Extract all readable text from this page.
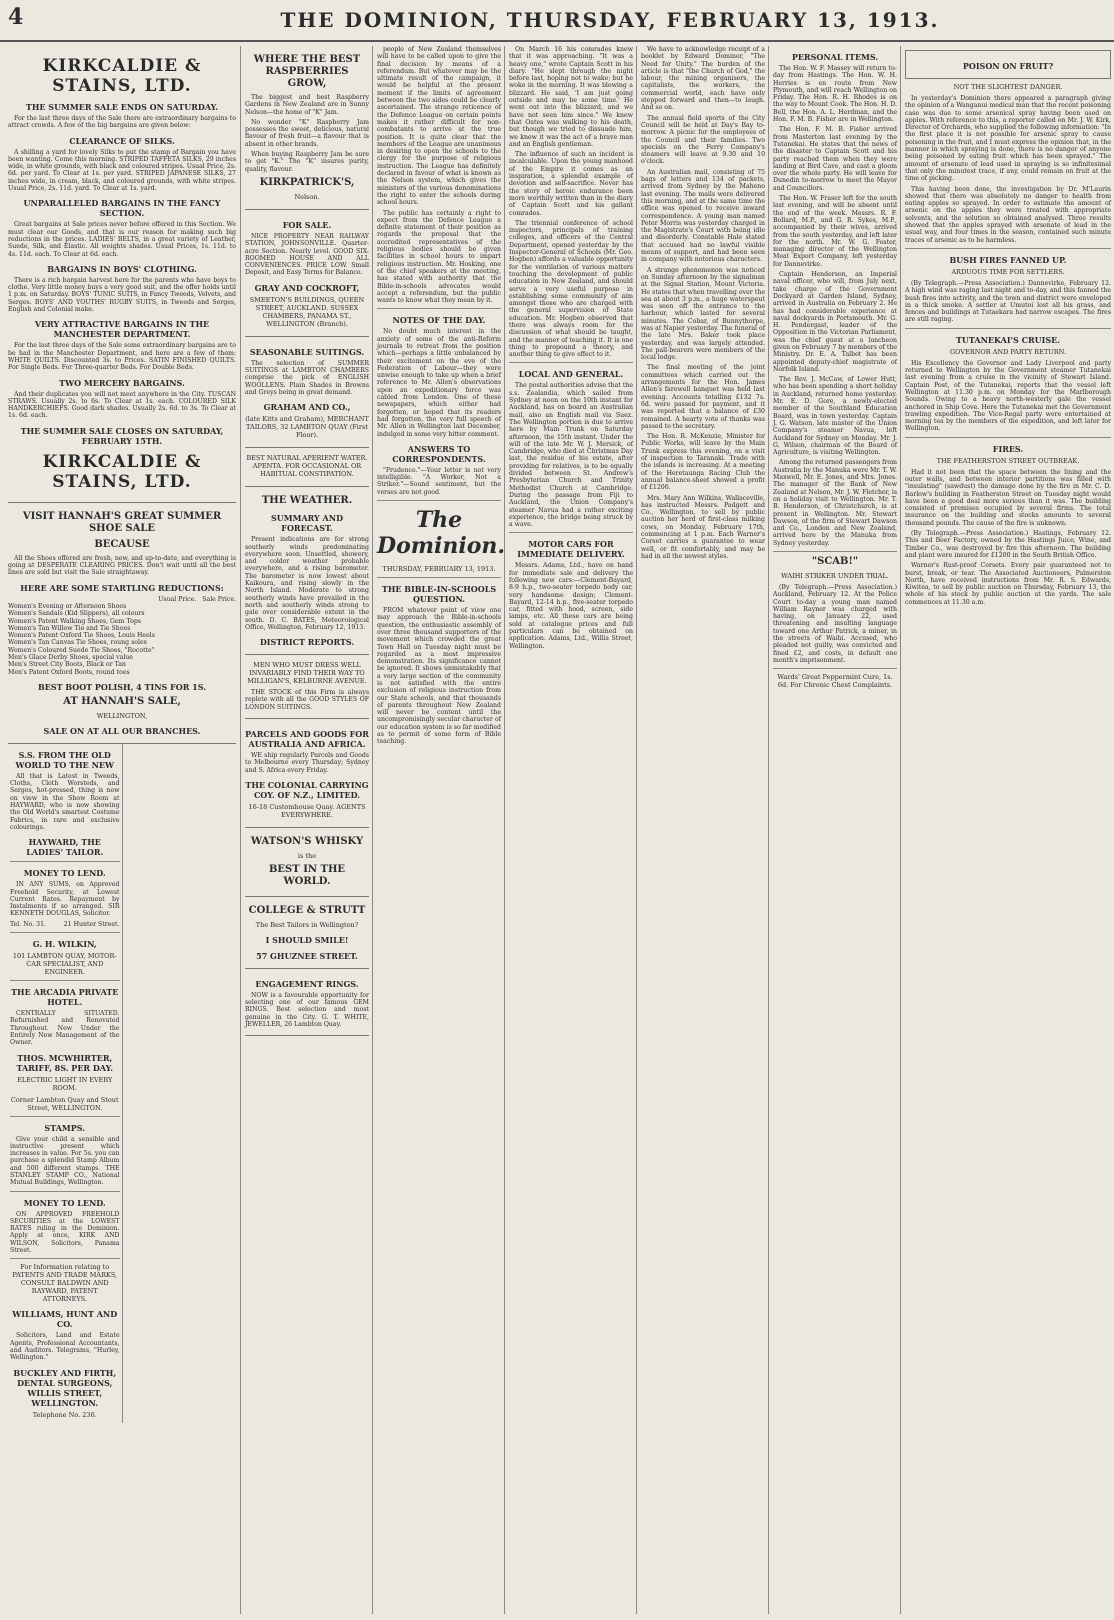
4	THE DOMINION, THURSDAY, FEBRUARY 13, 1913.
KIRKCALDIE & STAINS, LTD.
THE SUMMER SALE ENDS ON SATURDAY.

For the last three days of the Sale there are extraordinary bargains to attract crowds. A few of the big bargains are given below:

CLEARANCE OF SILKS.

A shilling a yard for lovely Silks to put the stamp of Bargain you have been wanting. Come this morning. STRIPED TAFFETA SILKS, 29 inches wide, in white grounds, with black and coloured stripes. Usual Price, 2s. 6d. per yard. To Clear at 1s. per yard. STRIPED JAPANESE SILKS, 27 inches wide, in cream, black, and coloured grounds, with white stripes. Usual Price, 2s. 11d. yard. To Clear at 1s. yard.

UNPARALLELED BARGAINS IN THE FANCY SECTION.

Great bargains at Sale prices never before offered in this Section. We must clear our Goods, and that is our reason for making such big reductions in the prices. LADIES' BELTS, in a great variety of Leather, Suede, Silk, and Elastic. All weights shades. Usual Prices, 1s. 11d. to 4s. 11d. each. To Clear at 6d. each.

BARGAINS IN BOYS' CLOTHING.

There is a rich bargain harvest here for the parents who have boys to clothe. Very little money buys a very good suit, and the offer holds until 1 p.m. on Saturday. BOYS' TUNIC SUITS, in Fancy Tweeds, Velvets, and Serges. BOYS' AND YOUTHS' RUGBY SUITS, in Tweeds and Serges, English and Colonial make.

VERY ATTRACTIVE BARGAINS IN THE MANCHESTER DEPARTMENT.

For the last three days of the Sale some extraordinary bargains are to be had in the Manchester Department, and here are a few of them: WHITE QUILTS. Discounted 3s. to Prices. SATIN FINISHED QUILTS. For Single Beds. For Three-quarter Beds. For Double Beds.

TWO MERCERY BARGAINS.

And their duplicates you will not meet anywhere in the City. TUSCAN STRAWS. Usually 2s. to 6s. To Clear at 1s. each. COLOURED SILK HANDKERCHIEFS. Good dark shades. Usually 2s. 6d. to 3s. To Clear at 1s. 6d. each.

THE SUMMER SALE CLOSES ON SATURDAY, FEBRUARY 15TH.
KIRKCALDIE & STAINS, LTD.
VISIT HANNAH'S GREAT SUMMER SHOE SALE
BECAUSE

All the Shoes offered are fresh, new, and up-to-date, and everything is going at DESPERATE CLEARING PRICES. Don't wait until all the best lines are sold but visit the Sale straightaway.

HERE ARE SOME STARTLING REDUCTIONS:
Usual Price. Sale Price.
Women's Evening or Afternoon Shoes
Women's Sandals (Kid Slippers), all colours
Women's Patent Walking Shoes, Gem Tops
Women's Tan Willow Tie and Tie Shoes
Women's Patent Oxford Tie Shoes, Louis Heels
Women's Tan Canvas Tie Shoes, roung soles
Women's Coloured Suede Tie Shoes, "Rocotte"
Men's Glace Derby Shoes, special value
Men's Street City Boots, Black or Tan
Men's Patent Oxford Boots, round toes
BEST BOOT POLISH, 4 TINS FOR 1S.
AT HANNAH'S SALE,
WELLINGTON,
SALE ON AT ALL OUR BRANCHES.
S.S. FROM THE OLD WORLD TO THE NEW

All that is Latest in Tweeds, Cloths, Cloth Worsteds, and Serges, hot-pressed, thing is now on view in the Show Room at HAYWARD, who is now showing the Old World's smartest Costume Fabrics, in rare and exclusive colourings.

HAYWARD, THE LADIES' TAILOR.
MONEY TO LEND.

IN ANY SUMS, on Approved Freehold Security, at Lowest Current Rates. Repayment by Instalments if so arranged. SIR KENNETH DOUGLAS, Solicitor.

Tel. No. 31.	21 Hunter Street.
G. H. WILKIN,
101 LAMBTON QUAY, MOTOR-CAR SPECIALIST, AND ENGINEER.
THE ARCADIA PRIVATE HOTEL.

CENTRALLY SITUATED. Refurnished and Renovated Throughout. New Under the Entirely New Management of the Owner.

THOS. MCWHIRTER, TARIFF, 8S. PER DAY.
ELECTRIC LIGHT IN EVERY ROOM.
Corner Lambton Quay and Stout Street, WELLINGTON.
STAMPS.

Give your child a sensible and instructive present which increases in value. For 5s. you can purchase a splendid Stamp Album and 500 different stamps. THE STANLEY STAMP CO., National Mutual Buildings, Wellington.

MONEY TO LEND.

ON APPROVED FREEHOLD SECURITIES at the LOWEST RATES ruling in the Dominion. Apply at once, KIRK AND WILSON, Solicitors, Panama Street.

For Information relating to PATENTS AND TRADE MARKS, CONSULT BALDWIN AND RAYWARD, PATENT ATTORNEYS.
WILLIAMS, HUNT AND CO.

Solicitors, Land and Estate Agents, Professional Accountants, and Auditors. Telegrams, "Hurley, Wellington."

BUCKLEY AND FIRTH, DENTAL SURGEONS, WILLIS STREET, WELLINGTON.
Telephone No. 236.
WHERE THE BEST RASPBERRIES GROW,

The biggest and best Raspberry Gardens in New Zealand are in Sunny Nelson—the home of "K" Jam.

No wonder "K" Raspberry Jam possesses the sweet, delicious, natural flavour of fresh fruit—a flavour that is absent in other brands.

When buying Raspberry Jam be sure to get "K." The "K" insures purity, quality, flavour.

KIRKPATRICK'S,
Nelson.
FOR SALE.

NICE PROPERTY NEAR RAILWAY STATION, JOHNSONVILLE. Quarter-acre Section. Nearly level. GOOD SIX-ROOMED HOUSE AND ALL CONVENIENCES. PRICE LOW. Small Deposit, and Easy Terms for Balance.

GRAY AND COCKROFT,
SMEETON'S BUILDINGS, QUEEN STREET, AUCKLAND. SUSSEX CHAMBERS, PANAMA ST., WELLINGTON (Branch).
SEASONABLE SUITINGS.

The selection of SUMMER SUITINGS at LAMBTON CHAMBERS comprise the pick of ENGLISH WOOLLENS. Plain Shades in Browns and Greys being in great demand.

GRAHAM AND CO.,
(late Kitts and Graham), MERCHANT TAILORS, 32 LAMBTON QUAY (First Floor).
BEST NATURAL APERIENT WATER. APENTA. FOR OCCASIONAL OR HABITUAL CONSTIPATION.
THE WEATHER.
SUMMARY AND FORECAST.

Present indications are for strong southerly winds predominating everywhere soon. Unsettled, showery, and colder weather probable everywhere, and a rising barometer. The barometer is now lowest about Kaikoura, and rising slowly in the North Island. Moderate to strong southerly winds have prevailed in the north and southerly winds strong to gale over considerable extent in the south. D. C. BATES, Meteorological Office, Wellington, February 12, 1913.

DISTRICT REPORTS.
MEN WHO MUST DRESS WELL INVARIABLY FIND THEIR WAY TO MILLIGAN'S, KELBURNE AVENUE.

THE STOCK of this Firm is always replete with all the GOOD STYLES OF LONDON SUITINGS.

PARCELS AND GOODS FOR AUSTRALIA AND AFRICA.

WE ship regularly Parcels and Goods to Melbourne every Thursday; Sydney and S. Africa every Friday.

THE COLONIAL CARRYING COY. OF N.Z., LIMITED.
16-18 Customhouse Quay. AGENTS EVERYWHERE.
WATSON'S WHISKY
is the
BEST IN THE WORLD.
COLLEGE & STRUTT
The Best Tailors in Wellington?
I SHOULD SMILE!
57 GHUZNEE STREET.
ENGAGEMENT RINGS.

NOW is a favourable opportunity for selecting one of our famous GEM RINGS. Best selection and most genuine in the City. G. T. WHITE, JEWELLER, 26 Lambton Quay.

people of New Zealand themselves will have to be called upon to give the final decision by means of a referendum. But whatever may be the ultimate result of the campaign, it would be helpful at the present moment if the limits of agreement between the two sides could be clearly ascertained. The strange reticence of the Defence League on certain points makes it rather difficult for non-combatants to arrive at the true position. It is quite clear that the members of the League are unanimous in desiring to open the schools to the clergy for the purpose of religious instruction. The League has definitely declared in favour of what is known as the Nelson system, which gives the ministers of the various denominations the right to enter the schools during school hours.

The public has certainly a right to expect from the Defence League a definite statement of their position as regards the proposal that the accredited representatives of the religious bodies should be given facilities in school hours to impart religious instruction. Mr. Hosking, one of the chief speakers at the meeting, has stated with authority that the Bible-in-schools advocates would accept a referendum, but the public wants to know what they mean by it.

NOTES OF THE DAY.

No doubt much interest in the anxiety of some of the anti-Reform journals to retreat from the position which—perhaps a little unbalanced by their excitement on the eve of the Federation of Labour—they were unwise enough to take up when a brief reference to Mr. Allen's observations upon an expeditionary force was cabled from London. One of these newspapers, which either had forgotten, or hoped that its readers had forgotten, the very full speech of Mr. Allen in Wellington last December, indulged in some very bitter comment.

ANSWERS TO CORRESPONDENTS.

"Prudence."—Your letter is not very intelligible. "A Worker, Not a Striker."—Sound sentiment, but the verses are not good.

The Dominion.
THURSDAY, FEBRUARY 13, 1913.
THE BIBLE-IN-SCHOOLS QUESTION.

FROM whatever point of view one may approach the Bible-in-schools question, the enthusiastic assembly of over three thousand supporters of the movement which crowded the great Town Hall on Tuesday night must be regarded as a most impressive demonstration. Its significance cannot be ignored. It shows unmistakably that a very large section of the community is not satisfied with the entire exclusion of religious instruction from our State schools, and that thousands of parents throughout New Zealand will never be content until the uncompromisingly secular character of our education system is so far modified as to permit of some form of Bible teaching.

On March 16 his comrades knew that it was approaching. "It was a heavy one," wrote Captain Scott in his diary. "He slept through the night before last, hoping not to wake; but he woke in the morning. It was blowing a blizzard. He said, 'I am just going outside and may be some time.' He went out into the blizzard, and we have not seen him since." We knew that Oates was walking to his death, but though we tried to dissuade him, we knew it was the act of a brave man and an English gentleman.

The influence of such an incident is incalculable. Upon the young manhood of the Empire it comes as an inspiration, a splendid example of devotion and self-sacrifice. Never has the story of heroic endurance been more worthily written than in the diary of Captain Scott and his gallant comrades.

The triennial conference of school inspectors, principals of training colleges, and officers of the Central Department, opened yesterday by the Inspector-General of Schools (Mr. Geo. Hogben) affords a valuable opportunity for the ventilation of various matters touching the development of public education in New Zealand, and should serve a very useful purpose in establishing some community of aim amongst those who are charged with the general supervision of State education. Mr. Hogben observed that there was always room for the discussion of what should be taught, and the manner of teaching it. It is one thing to propound a theory, and another thing to give effect to it.

LOCAL AND GENERAL.

The postal authorities advise that the s.s. Zealandia, which sailed from Sydney at noon on the 10th instant for Auckland, has on board an Australian mail, also an English mail via Suez. The Wellington portion is due to arrive here by Main Trunk on Saturday afternoon, the 15th instant. Under the will of the late Mr. W. J. Mersick, of Cambridge, who died at Christmas Day last, the residue of his estate, after providing for relatives, is to be equally divided between St. Andrew's Presbyterian Church and Trinity Methodist Church at Cambridge. During the passage from Fiji to Auckland, the Union Company's steamer Navua had a rather exciting experience, the bridge being struck by a wave.

MOTOR CARS FOR IMMEDIATE DELIVERY.

Messrs. Adams, Ltd., have on hand for immediate sale and delivery the following new cars:—Clement-Bayard, 8-9 h.p., two-seater torpedo body car, very handsome design; Clement-Bayard, 12-14 h.p., five-seater torpedo car, fitted with hood, screen, side lamps, etc. All these cars are being sold at catalogue prices and full particulars can be obtained on application. Adams, Ltd., Willis Street, Wellington.

We have to acknowledge receipt of a booklet by Edward Dominer, "The Need for Unity." The burden of the article is that "the Church of God," the labour, the mining organisers, the capitalists, the workers, the commercial world, each have only stepped forward and then—to laugh. And so on.

The annual field sports of the City Council will be held at Day's Bay to-morrow. A picnic for the employees of the Council and their families. Two specials on the Ferry Company's steamers will leave at 9.30 and 10 o'clock.

An Australian mail, consisting of 75 bags of letters and 134 of packets, arrived from Sydney by the Maheno last evening. The mails were delivered this morning, and at the same time the office was opened to receive inward correspondence. A young man named Peter Morris was yesterday charged in the Magistrate's Court with being idle and disorderly. Constable Hale stated that accused had no lawful visible means of support, and had been seen in company with notorious characters.

A strange phenomenon was noticed on Sunday afternoon by the signalman at the Signal Station, Mount Victoria. He states that when travelling over the sea at about 3 p.m., a huge waterspout was seen off the entrance to the harbour, which lasted for several minutes. The Cobar, of Bunnythorpe, was at Napier yesterday. The funeral of the late Mrs. Baker took place yesterday, and was largely attended. The pall-bearers were members of the local lodge.

The final meeting of the joint committees which carried out the arrangements for the Hon. James Allen's farewell banquet was held last evening. Accounts totalling £132 7s. 6d. were passed for payment, and it was reported that a balance of £30 remained. A hearty vote of thanks was passed to the secretary.

The Hon. R. McKenzie, Minister for Public Works, will leave by the Main Trunk express this evening, on a visit of inspection to Taranaki. Trade with the islands is increasing. At a meeting of the Heretaunga Racing Club the annual balance-sheet showed a profit of £1206.

Mrs. Mary Ann Wilkins, Wallaceville, has instructed Messrs. Padgett and Co., Wellington, to sell by public auction her herd of first-class milking cows, on Monday, February 17th, commencing at 1 p.m. Each Warner's Corset carries a guarantee to wear well, or fit comfortably, and may be had in all the newest styles.

PERSONAL ITEMS.

The Hon. W. F. Massey will return to-day from Hastings. The Hon. W. H. Herries is en route from New Plymouth, and will reach Wellington on Friday. The Hon. R. H. Rhodes is on the way to Mount Cook. The Hon. H. D. Bell, the Hon. A. L. Herdman, and the Hon. F. M. B. Fisher are in Wellington.

The Hon. F. M. B. Fisher arrived from Masterton last evening by the Tutanekai. He states that the news of the disaster to Captain Scott and his party reached them when they were landing at Bird Cave, and cast a gloom over the whole party. He will leave for Dunedin to-morrow to meet the Mayor and Councillors.

The Hon. W. Fraser left for the south last evening, and will be absent until the end of the week. Messrs. R. F. Bollard, M.P., and G. R. Sykes, M.P., accompanied by their wives, arrived from the south yesterday, and left later for the north. Mr. W. G. Foster, managing director of the Wellington Meat Export Company, left yesterday for Dannevirke.

Captain Henderson, an Imperial naval officer, who will, from July next, take charge of the Government Dockyard at Garden Island, Sydney, arrived in Australia on February 2. He has had considerable experience at naval dockyards in Portsmouth. Mr. G. H. Pendergast, leader of the Opposition in the Victorian Parliament, was the chief guest at a luncheon given on February 7 by members of the Ministry. Dr. E. A. Talbot has been appointed deputy-chief magistrate of Norfolk Island.

The Rev. J. McCaw, of Lower Hutt, who has been spending a short holiday in Auckland, returned home yesterday. Mr. E. D. Gore, a newly-elected member of the Southland Education Board, was in town yesterday. Captain J. G. Watson, late master of the Union Company's steamer Navua, left Auckland for Sydney on Monday. Mr. J. G. Wilson, chairman of the Board of Agriculture, is visiting Wellington.

Among the returned passengers from Australia by the Manuka were Mr. T. W. Maxwell, Mr. E. Jones, and Mrs. Jones. The manager of the Bank of New Zealand at Nelson, Mr. J. W. Fletcher, is on a holiday visit to Wellington. Mr. T. B. Henderson, of Christchurch, is at present in Wellington. Mr. Stewart Dawson, of the firm of Stewart Dawson and Co., London and New Zealand, arrived here by the Manuka from Sydney yesterday.

"SCAB!"
WAIHI STRIKER UNDER TRIAL.

(By Telegraph.—Press Association.) Auckland, February 12. At the Police Court to-day a young man named William Rayner was charged with having, on January 22, used threatening and insulting language toward one Arthur Patrick, a miner, in the streets of Waihi. Accused, who pleaded not guilty, was convicted and fined £2, and costs, in default one month's imprisonment.

Wards' Great Peppermint Cure, 1s. 6d. For Chronic Chest Complaints.
POISON ON FRUIT?
NOT THE SLIGHTEST DANGER.

In yesterday's Dominion there appeared a paragraph giving the opinion of a Wanganui medical man that the recent poisoning case was due to some arsenical spray having been used on apples. With reference to this, a reporter called on Mr. J. W. Kirk, Director of Orchards, who supplied the following information: "In the first place it is not possible for arsenic spray to cause poisoning in the fruit, and I must express the opinion that, in the manner in which spraying is done, there is no danger of anyone being poisoned by eating fruit which has been sprayed." The amount of arsenate of lead used in spraying is so infinitesimal that only the minutest trace, if any, could remain on fruit at the time of picking.

This having been done, the investigation by Dr. M'Laurin showed that there was absolutely no danger to health from eating apples so sprayed. In order to estimate the amount of arsenic on the apples they were treated with appropriate solvents, and the solution so obtained analysed. Three results showed that the apples sprayed with arsenate of lead in the usual way, and four times in the season, contained such minute traces of arsenic as to be harmless.

BUSH FIRES FANNED UP.
ARDUOUS TIME FOR SETTLERS.

(By Telegraph.—Press Association.) Dannevirke, February 12. A high wind was raging last night and to-day, and this fanned the bush fires into activity, and the town and district were enveloped in a thick smoke. A settler at Umutoi lost all his grass, and fences and buildings at Tutaekara had narrow escapes. The fires are still raging.

TUTANEKAI'S CRUISE.
GOVERNOR AND PARTY RETURN.

His Excellency the Governor and Lady Liverpool and party returned to Wellington by the Government steamer Tutanekai last evening from a cruise in the vicinity of Stewart Island. Captain Post, of the Tutanekai, reports that the vessel left Wellington at 11.30 p.m. on Monday for the Marlborough Sounds. Owing to a heavy north-westerly gale the vessel anchored in Ship Cove. Here the Tutanekai met the Government trawling expedition. The Vice-Regal party were entertained at morning tea by the members of the expedition, and left later for Wellington.

FIRES.
THE FEATHERSTON STREET OUTBREAK.

Had it not been that the space between the lining and the outer walls, and between interior partitions was filled with "insulating" (sawdust) the damage done by the fire in Mr. C. D. Barlow's building in Featherston Street on Tuesday night would have been a good deal more serious than it was. The building consisted of premises occupied by several firms. The total insurance on the building and stocks amounts to several thousand pounds. The cause of the fire is unknown.

(By Telegraph.—Press Association.) Hastings, February 12. This and Beer Factory, owned by the Hastings Juice, Wine, and Timber Co., was destroyed by fire this afternoon. The building and plant were insured for £1200 in the South British Office.

Warner's Rust-proof Corsets. Every pair guaranteed not to burst, break, or tear. The Associated Auctioneers, Palmerston North, have received instructions from Mr. R. S. Edwards, Kiwitea, to sell by public auction on Thursday, February 13, the whole of his stock by public auction at the yards. The sale commences at 11.30 a.m.
